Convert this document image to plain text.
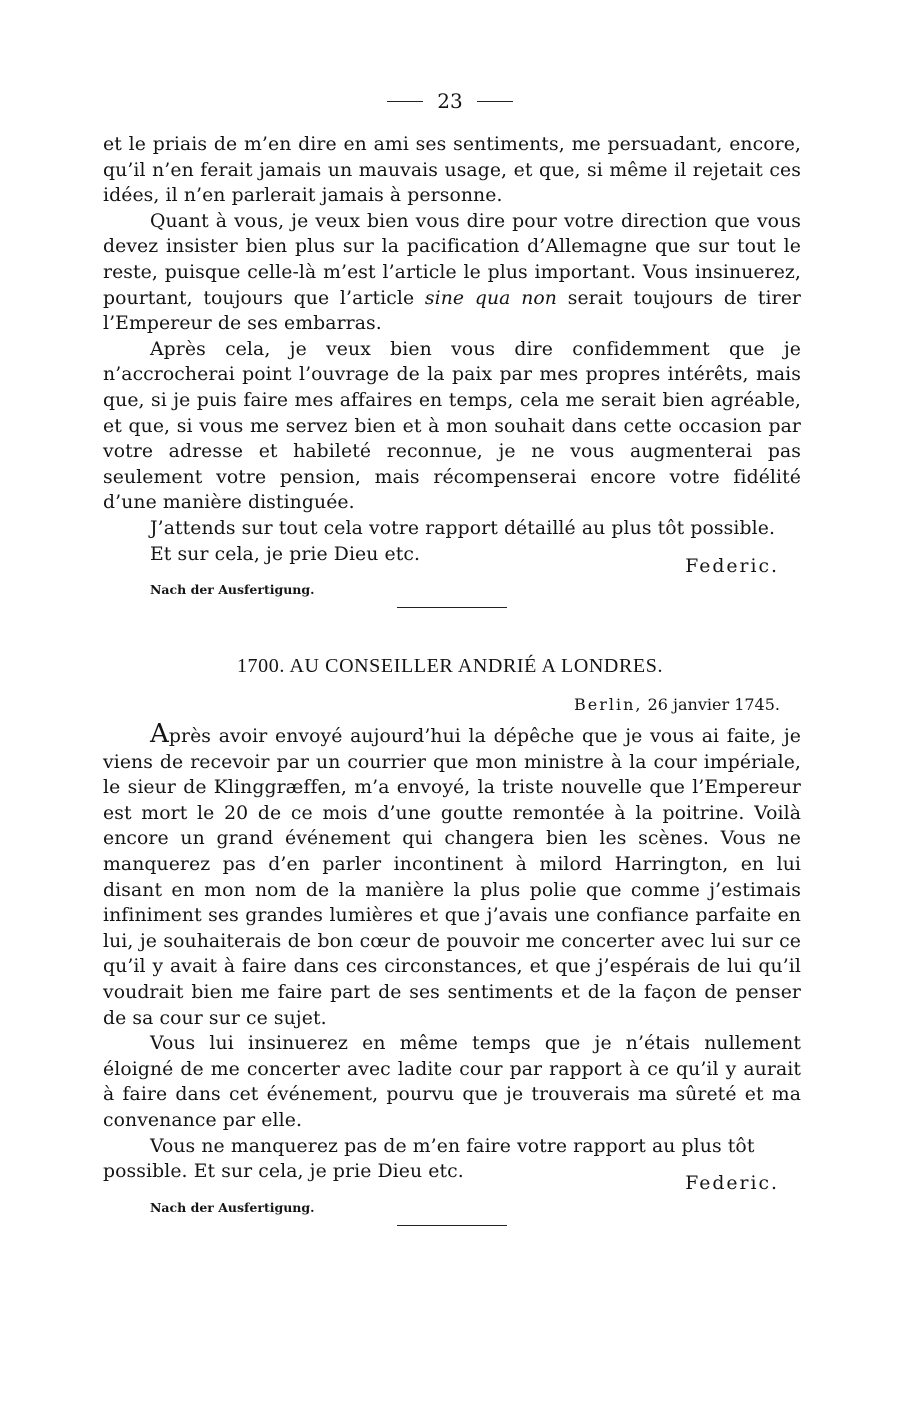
23

et le priais de m’en dire en ami ses sentiments, me persuadant, encore, qu’il n’en ferait jamais un mauvais usage, et que, si même il rejetait ces idées, il n’en parlerait jamais à personne.

Quant à vous, je veux bien vous dire pour votre direction que vous devez insister bien plus sur la pacification d’Allemagne que sur tout le reste, puisque celle-là m’est l’article le plus important. Vous insinuerez, pourtant, toujours que l’article sine qua non serait toujours de tirer l’Empereur de ses embarras.

Après cela, je veux bien vous dire confidemment que je n’accrocherai point l’ouvrage de la paix par mes propres intérêts, mais que, si je puis faire mes affaires en temps, cela me serait bien agréable, et que, si vous me servez bien et à mon souhait dans cette occasion par votre adresse et habileté reconnue, je ne vous augmenterai pas seulement votre pension, mais récompenserai encore votre fidélité d’une manière distinguée.

J’attends sur tout cela votre rapport détaillé au plus tôt possible.

Et sur cela, je prie Dieu etc.
Federic.
Nach der Ausfertigung.
1700. AU CONSEILLER ANDRIÉ A LONDRES.
Berlin, 26 janvier 1745.

Après avoir envoyé aujourd’hui la dépêche que je vous ai faite, je viens de recevoir par un courrier que mon ministre à la cour impériale, le sieur de Klinggræffen, m’a envoyé, la triste nouvelle que l’Empereur est mort le 20 de ce mois d’une goutte remontée à la poitrine. Voilà encore un grand événement qui changera bien les scènes. Vous ne manquerez pas d’en parler incontinent à milord Harrington, en lui disant en mon nom de la manière la plus polie que comme j’estimais infiniment ses grandes lumières et que j’avais une confiance parfaite en lui, je souhaiterais de bon cœur de pouvoir me concerter avec lui sur ce qu’il y avait à faire dans ces circonstances, et que j’espérais de lui qu’il voudrait bien me faire part de ses sentiments et de la façon de penser de sa cour sur ce sujet.

Vous lui insinuerez en même temps que je n’étais nullement éloigné de me concerter avec ladite cour par rapport à ce qu’il y aurait à faire dans cet événement, pourvu que je trouverais ma sûreté et ma convenance par elle.

Vous ne manquerez pas de m’en faire votre rapport au plus tôt

possible. Et sur cela, je prie Dieu etc.
Federic.
Nach der Ausfertigung.
